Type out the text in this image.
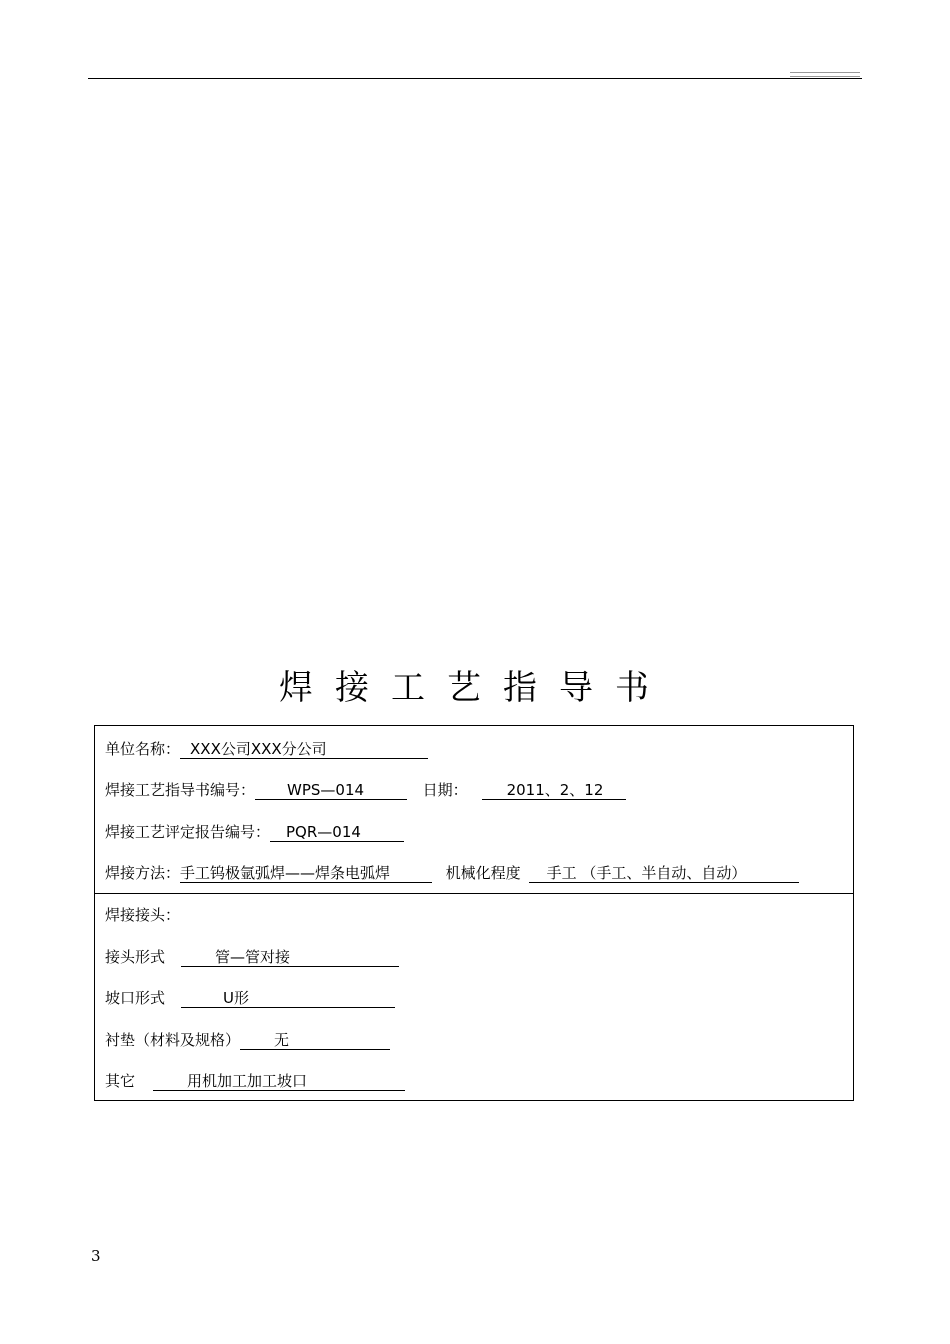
焊接工艺指导书
单位名称： XXX公司XXX分公司
焊接工艺指导书编号： WPS—014	日期：	2011、2、12
焊接工艺评定报告编号： PQR—014
焊接方法：手工钨极氩弧焊——焊条电弧焊	机械化程度 手工 （手工、半自动、自动）
焊接接头：
接头形式	管—管对接
坡口形式	U形
衬垫（材料及规格） 无
其它	用机加工加工坡口
3
